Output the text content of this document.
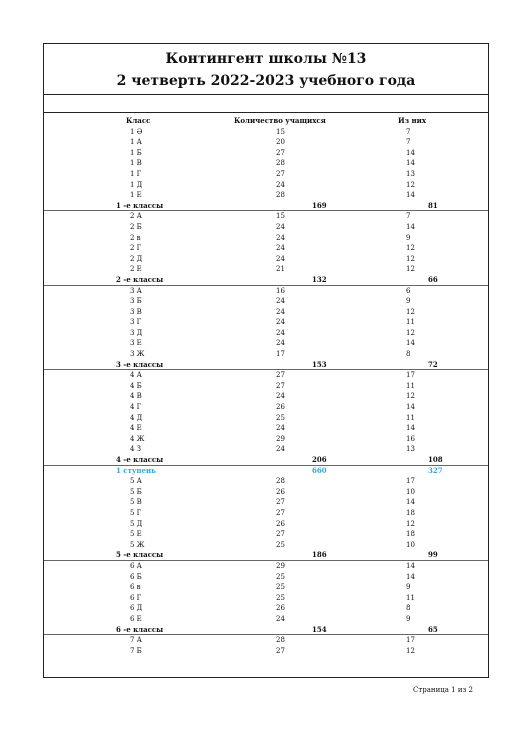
Контингент школы №13
2 четверть 2022-2023 учебного года
Класс	Количество учащихся	Из них
1 Ә	15	7
1 А	20	7
1 Б	27	14
1 В	28	14
1 Г	27	13
1 Д	24	12
1 Е	28	14
1 -е классы	169	81
2 А	15	7
2 Б	24	14
2 в	24	9
2 Г	24	12
2 Д	24	12
2 Е	21	12
2 -е классы	132	66
3 А	16	6
3 Б	24	9
3 В	24	12
3 Г	24	11
3 Д	24	12
3 Е	24	14
3 Ж	17	8
3 -е классы	153	72
4 А	27	17
4 Б	27	11
4 В	24	12
4 Г	26	14
4 Д	25	11
4 Е	24	14
4 Ж	29	16
4 З	24	13
4 -е классы	206	108
1 ступень	660	327
5 А	28	17
5 Б	26	10
5 В	27	14
5 Г	27	18
5 Д	26	12
5 Е	27	18
5 Ж	25	10
5 -е классы	186	99
6 А	29	14
6 Б	25	14
6 в	25	9
6 Г	25	11
6 Д	26	8
6 Е	24	9
6 -е классы	154	65
7 А	28	17
7 Б	27	12
Страница 1 из 2
